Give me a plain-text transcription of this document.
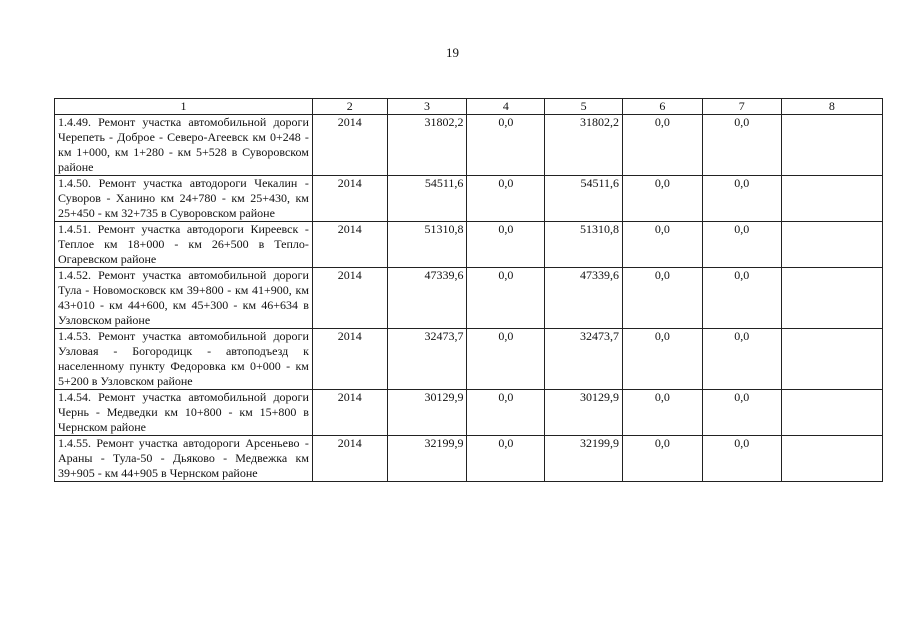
19
1	2	3	4	5	6	7	8
1.4.49. Ремонт участка автомобильной дороги Черепеть - Доброе - Северо-Агеевск км 0+248 - км 1+000, км 1+280 - км 5+528 в Суворовском районе	2014	31802,2	0,0	31802,2	0,0	0,0	
1.4.50. Ремонт участка автодороги Чекалин - Суворов - Ханино км 24+780 - км 25+430, км 25+450 - км 32+735 в Суворовском районе	2014	54511,6	0,0	54511,6	0,0	0,0	
1.4.51. Ремонт участка автодороги Киреевск - Теплое км 18+000 - км 26+500 в Тепло-Огаревском районе	2014	51310,8	0,0	51310,8	0,0	0,0	
1.4.52. Ремонт участка автомобильной дороги Тула - Новомосковск км 39+800 - км 41+900, км 43+010 - км 44+600, км 45+300 - км 46+634 в Узловском районе	2014	47339,6	0,0	47339,6	0,0	0,0	
1.4.53. Ремонт участка автомобильной дороги Узловая - Богородицк - автоподъезд к населенному пункту Федоровка км 0+000 - км 5+200 в Узловском районе	2014	32473,7	0,0	32473,7	0,0	0,0	
1.4.54. Ремонт участка автомобильной дороги Чернь - Медведки км 10+800 - км 15+800 в Чернском районе	2014	30129,9	0,0	30129,9	0,0	0,0	
1.4.55. Ремонт участка автодороги Арсеньево - Араны - Тула-50 - Дьяково - Медвежка км 39+905 - км 44+905 в Чернском районе	2014	32199,9	0,0	32199,9	0,0	0,0	
